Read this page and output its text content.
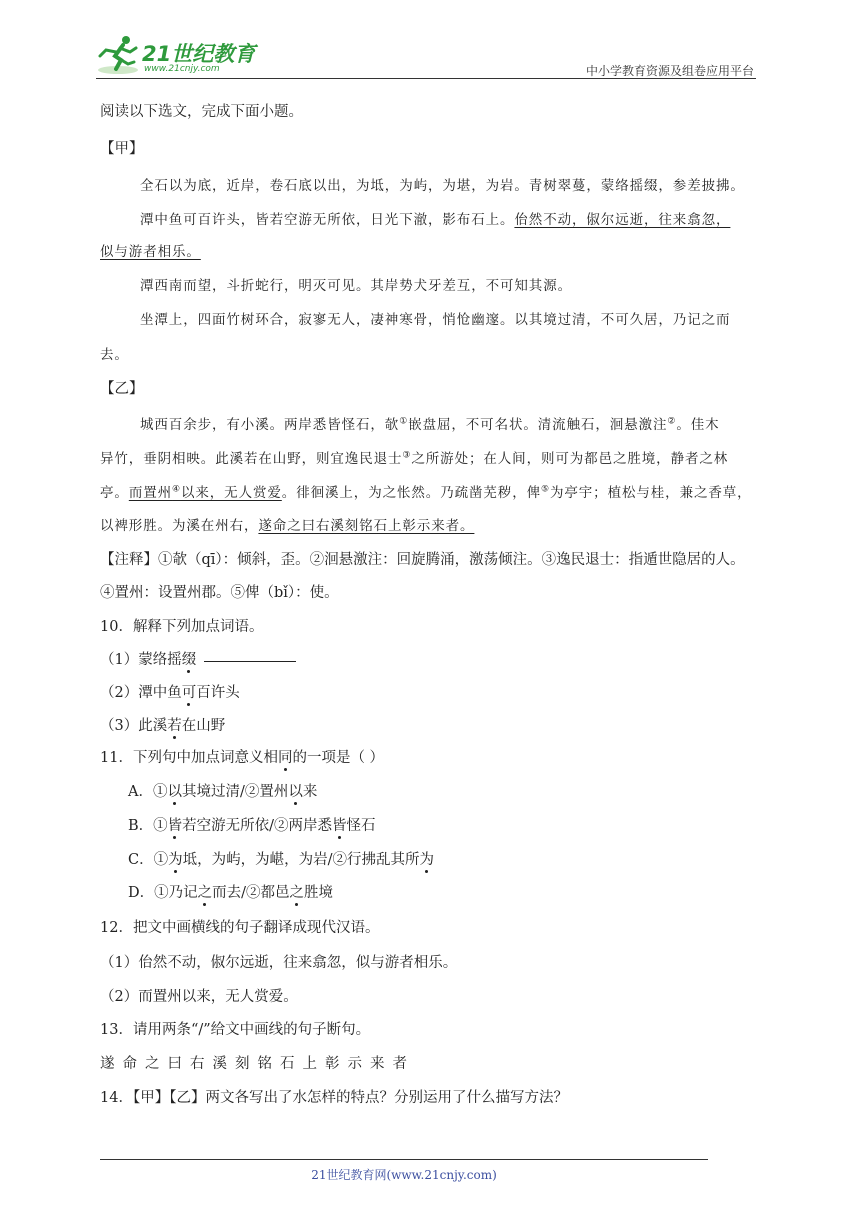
21世纪教育
www.21cnjy.com	中小学教育资源及组卷应用平台
阅读以下选文，完成下面小题。
【甲】
全石以为底，近岸，卷石底以出，为坻，为屿，为堪，为岩。青树翠蔓，蒙络摇缀，参差披拂。
潭中鱼可百许头，皆若空游无所依，日光下澈，影布石上。佁然不动，俶尔远逝，往来翕忽，
似与游者相乐。
潭西南而望，斗折蛇行，明灭可见。其岸势犬牙差互，不可知其源。
坐潭上，四面竹树环合，寂寥无人，凄神寒骨，悄怆幽邃。以其境过清，不可久居，乃记之而
去。
【乙】
城西百余步，有小溪。两岸悉皆怪石，欹①嵌盘屈，不可名状。清流触石，洄悬激注②。佳木
异竹，垂阴相映。此溪若在山野，则宜逸民退士③之所游处；在人间，则可为都邑之胜境，静者之林
亭。而置州④以来，无人赏爱。徘徊溪上，为之怅然。乃疏凿芜秽，俾⑤为亭宇；植松与桂，兼之香草，
以裨形胜。为溪在州右，遂命之曰右溪刻铭石上彰示来者。
【注释】①欹（qī）：倾斜，歪。②洄悬激注：回旋腾涌，激荡倾注。③逸民退士：指遁世隐居的人。
④置州：设置州郡。⑤俾（bǐ）：使。
10．解释下列加点词语。
（1）蒙络摇缀
（2）潭中鱼可百许头
（3）此溪若在山野
11．下列句中加点词意义相同的一项是（ ）
A．①以其境过清/②置州以来
B．①皆若空游无所依/②两岸悉皆怪石
C．①为坻，为屿，为嵁，为岩/②行拂乱其所为
D．①乃记之而去/②都邑之胜境
12．把文中画横线的句子翻译成现代汉语。
（1）佁然不动，俶尔远逝，往来翕忽，似与游者相乐。
（2）而置州以来，无人赏爱。
13．请用两条“/”给文中画线的句子断句。
遂命之曰右溪刻铭石上彰示来者
14．【甲】【乙】两文各写出了水怎样的特点？分别运用了什么描写方法？
21世纪教育网(www.21cnjy.com)
